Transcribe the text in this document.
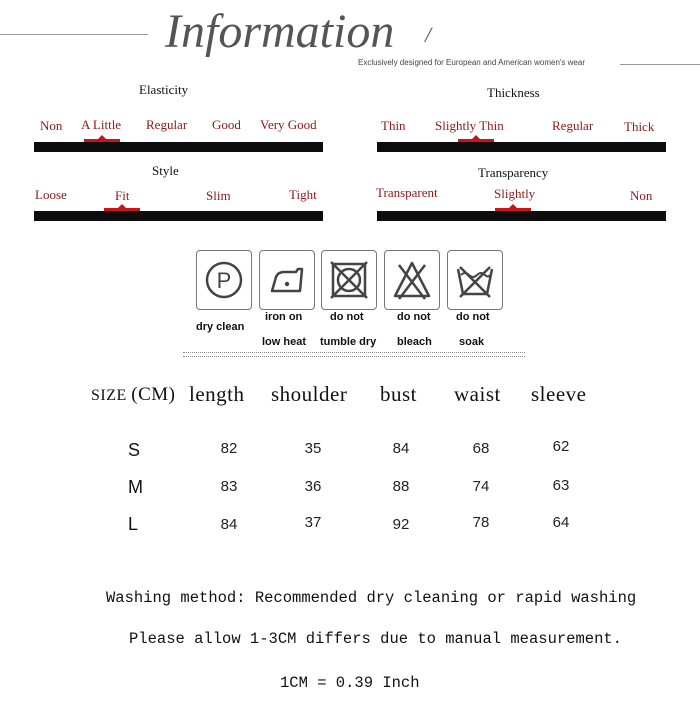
Information /
Exclusively designed for European and American women's wear
Elasticity
Non A Little Regular Good Very Good
Thickness
Thin Slightly Thin	Regular Thick
Style
Loose	Fit	Slim	Tight
Transparency
Transparent	Slightly	Non
P
dry clean
iron on
low heat
do not
tumble dry
do not
bleach
do not
soak
SIZE (CM) length shoulder bust waist sleeve
S	82	35	84	68	62
M	83	36	88	74	63
L	84	37	92	78	64
Washing method: Recommended dry cleaning or rapid washing
Please allow 1-3CM differs due to manual measurement.
1CM = 0.39 Inch
